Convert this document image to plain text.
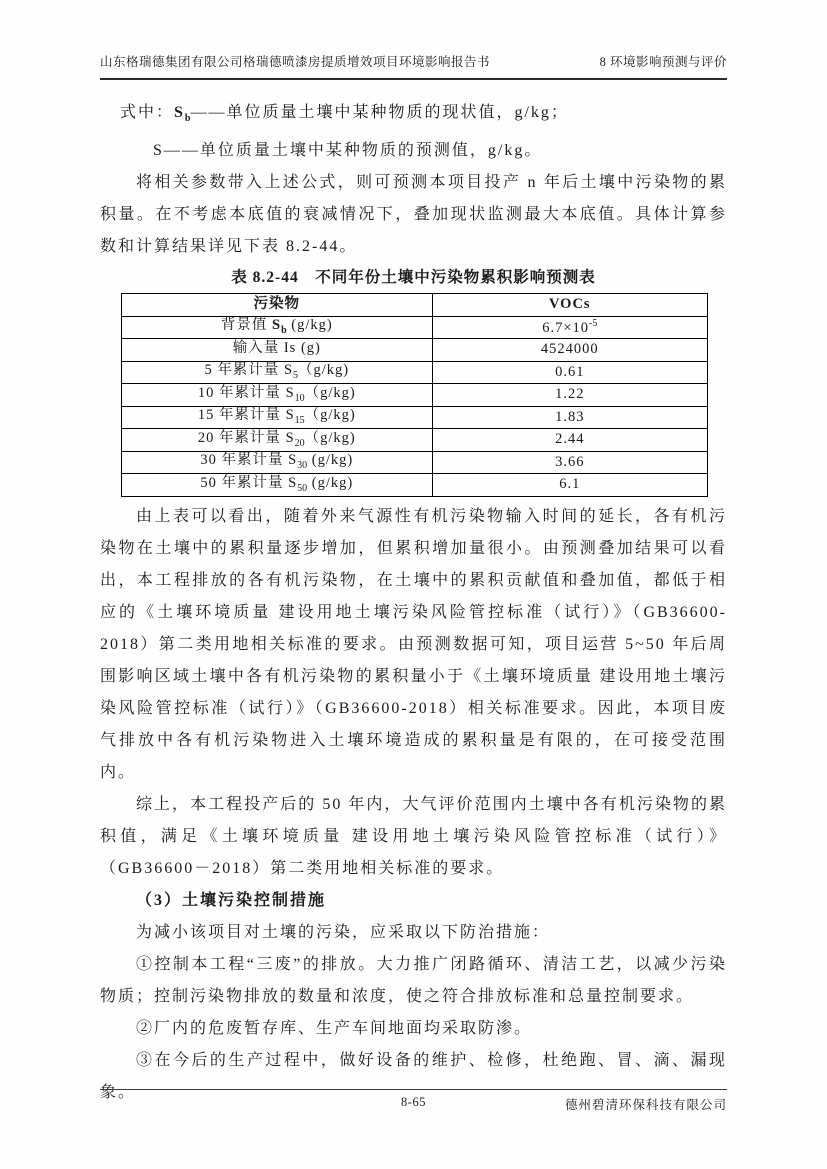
山东格瑞德集团有限公司格瑞德喷漆房提质增效项目环境影响报告书	8 环境影响预测与评价

式中：$S_b——$单位质量土壤中某种物质的现状值，g/kg；

S——单位质量土壤中某种物质的预测值，g/kg。

将相关参数带入上述公式，则可预测本项目投产 n 年后土壤中污染物的累积量。在不考虑本底值的衰减情况下，叠加现状监测最大本底值。具体计算参数和计算结果详见下表 8.2-44。

表 8.2-44　不同年份土壤中污染物累积影响预测表
污染物	VOCs
背景值 $S_b$ (g/kg)	$6.7\times 10^{-5}$
输入量 Is (g)	4524000
5 年累计量 $S_5(g/kg)$	0.61
10 年累计量 $S_{10}(g/kg)$	1.22
15 年累计量 $S_{15}(g/kg)$	1.83
20 年累计量 $S_{20}(g/kg)$	2.44
30 年累计量 $S_{30}$ (g/kg)	3.66
50 年累计量 $S_{50}$ (g/kg)	6.1

由上表可以看出，随着外来气源性有机污染物输入时间的延长，各有机污染物在土壤中的累积量逐步增加，但累积增加量很小。由预测叠加结果可以看出，本工程排放的各有机污染物，在土壤中的累积贡献值和叠加值，都低于相应的《土壤环境质量 建设用地土壤污染风险管控标准（试行）》（GB36600-2018）第二类用地相关标准的要求。由预测数据可知，项目运营 5~50 年后周围影响区域土壤中各有机污染物的累积量小于《土壤环境质量 建设用地土壤污染风险管控标准（试行）》（GB36600-2018）相关标准要求。因此，本项目废气排放中各有机污染物进入土壤环境造成的累积量是有限的，在可接受范围内。

综上，本工程投产后的 50 年内，大气评价范围内土壤中各有机污染物的累积值，满足《土壤环境质量 建设用地土壤污染风险管控标准（试行）》（GB36600－2018）第二类用地相关标准的要求。

（3）土壤污染控制措施

为减小该项目对土壤的污染，应采取以下防治措施：

①控制本工程“三废”的排放。大力推广闭路循环、清洁工艺，以减少污染物质；控制污染物排放的数量和浓度，使之符合排放标准和总量控制要求。

②厂内的危废暂存库、生产车间地面均采取防渗。

③在今后的生产过程中，做好设备的维护、检修，杜绝跑、冒、滴、漏现象。

8-65	德州碧清环保科技有限公司
